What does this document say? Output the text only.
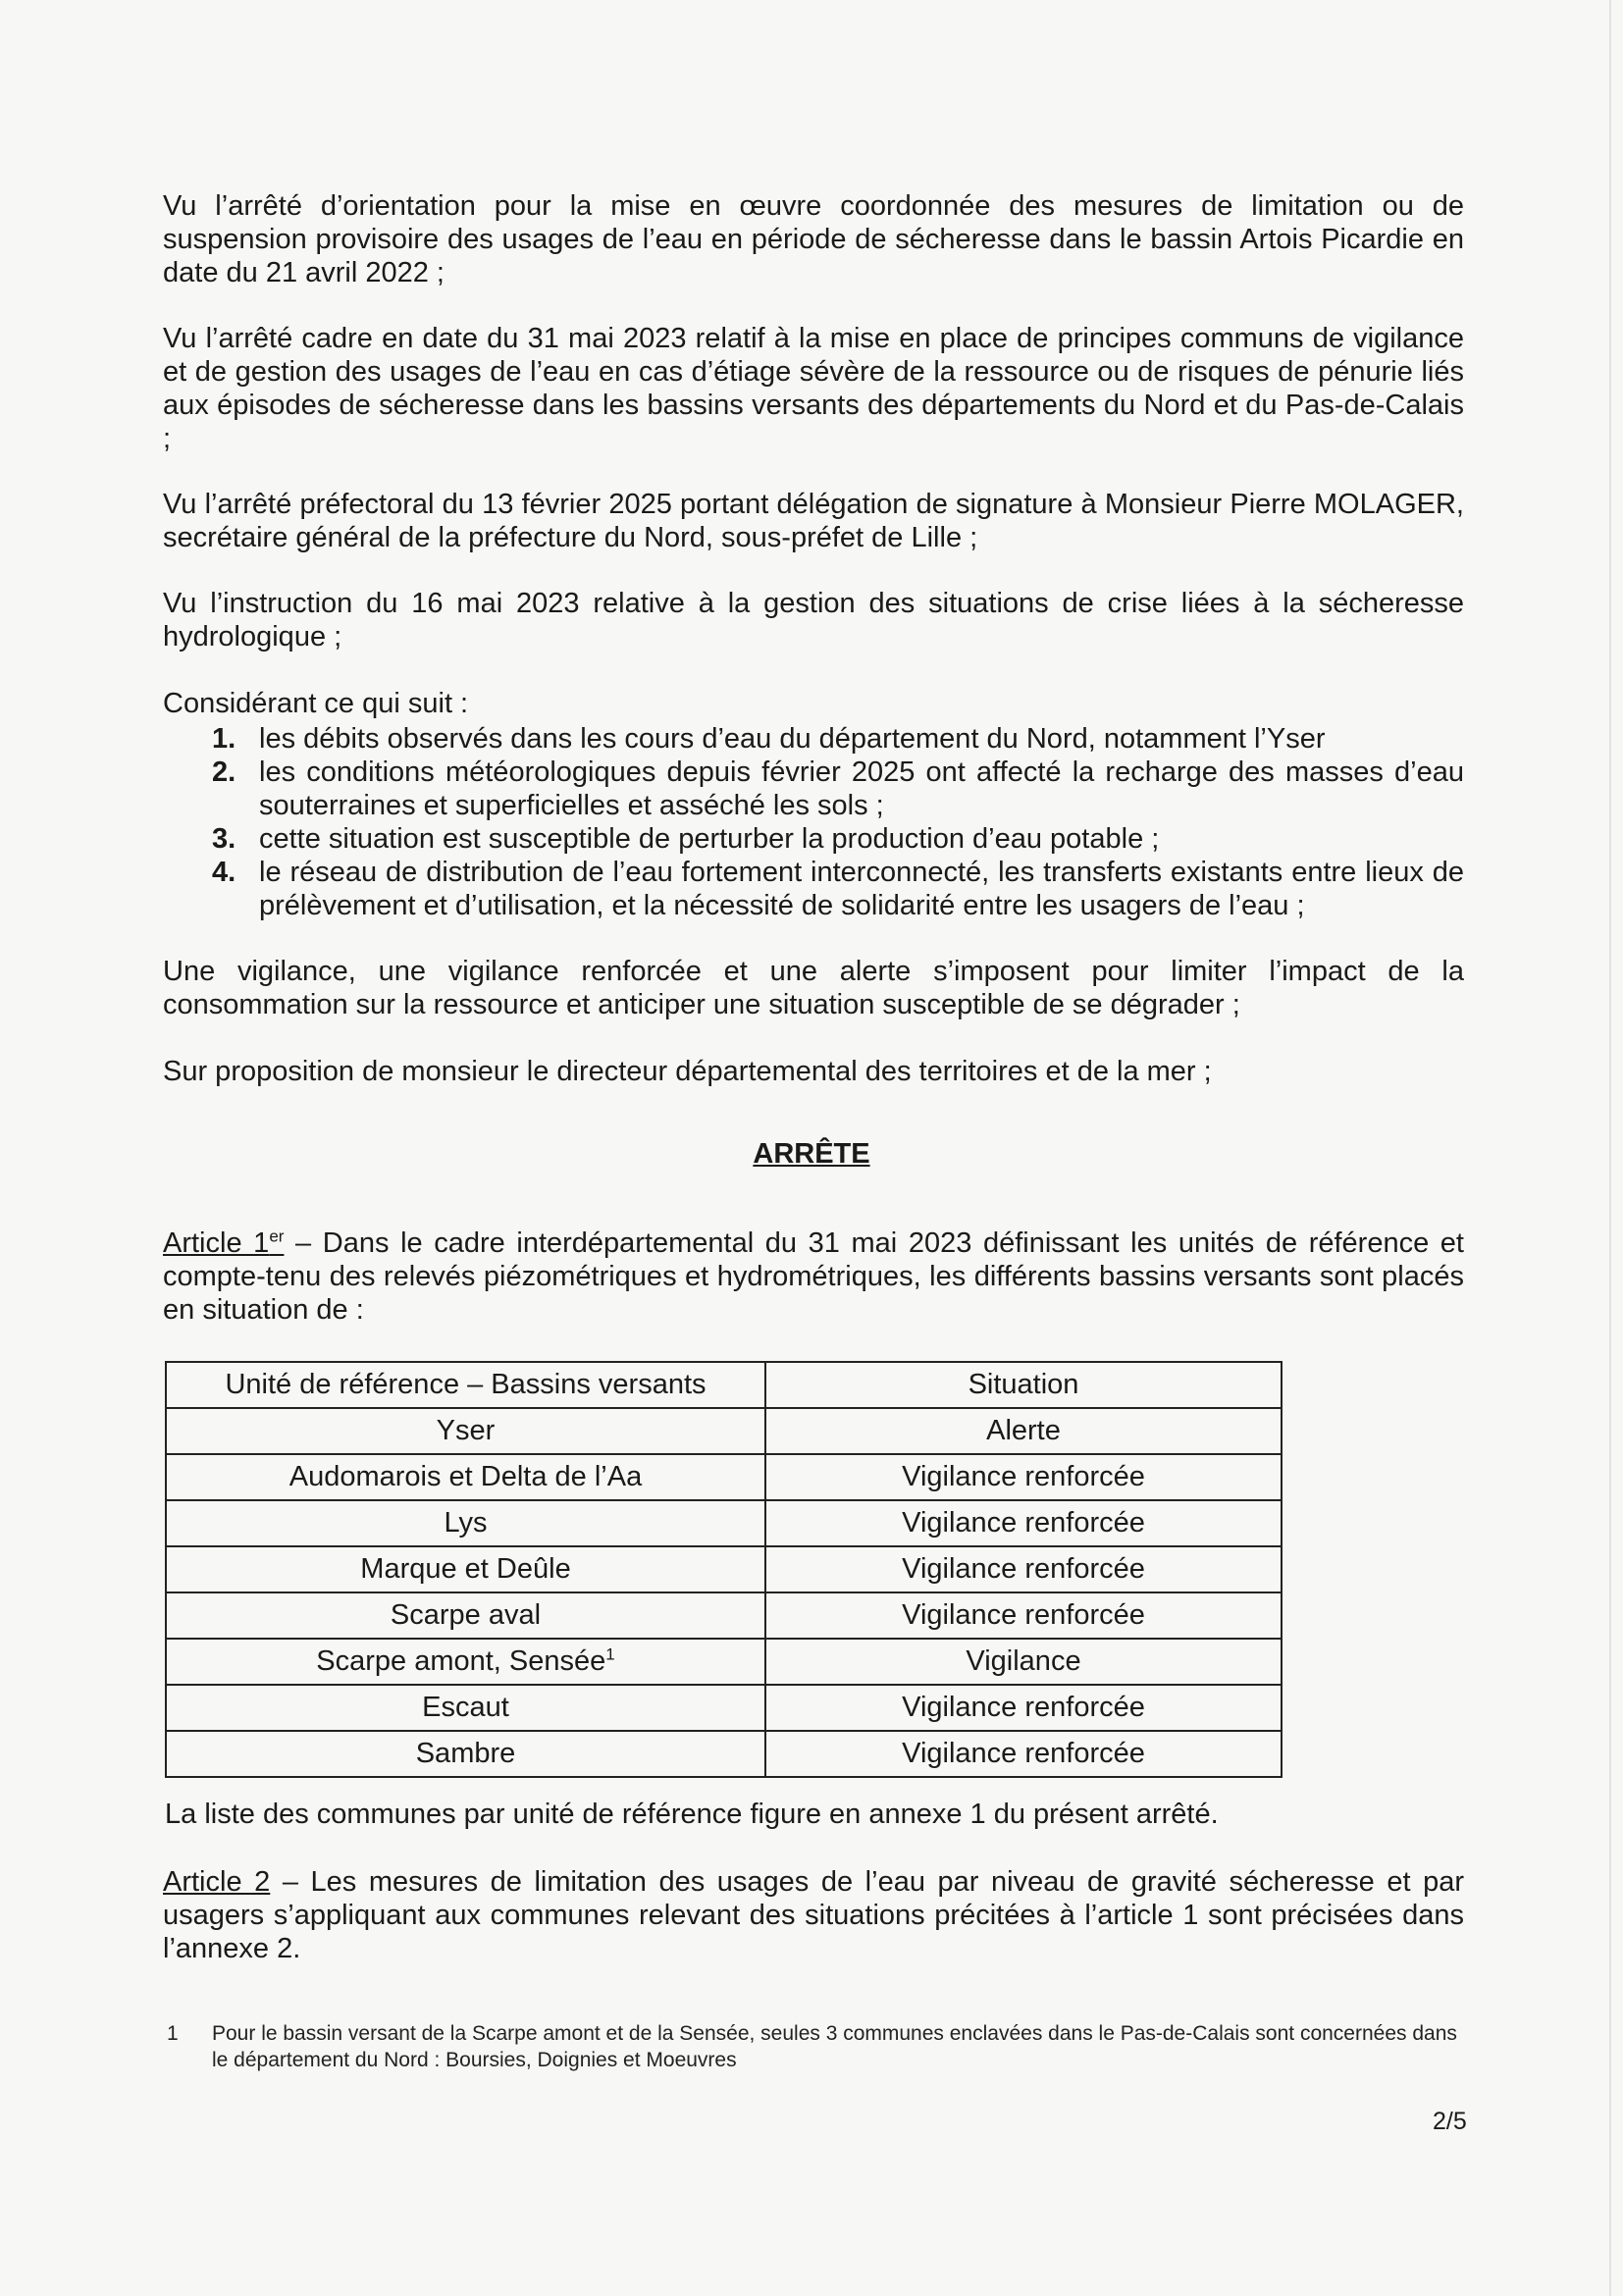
Vu l’arrêté d’orientation pour la mise en œuvre coordonnée des mesures de limitation ou de suspension provisoire des usages de l’eau en période de sécheresse dans le bassin Artois Picardie en date du 21 avril 2022 ;

Vu l’arrêté cadre en date du 31 mai 2023 relatif à la mise en place de principes communs de vigilance et de gestion des usages de l’eau en cas d’étiage sévère de la ressource ou de risques de pénurie liés aux épisodes de sécheresse dans les bassins versants des départements du Nord et du Pas-de-Calais ;

Vu l’arrêté préfectoral du 13 février 2025 portant délégation de signature à Monsieur Pierre MOLAGER, secrétaire général de la préfecture du Nord, sous-préfet de Lille ;

Vu l’instruction du 16 mai 2023 relative à la gestion des situations de crise liées à la sécheresse hydrologique ;

Considérant ce qui suit :

1. les débits observés dans les cours d’eau du département du Nord, notamment l’Yser
2. les conditions météorologiques depuis février 2025 ont affecté la recharge des masses d’eau souterraines et superficielles et asséché les sols ;
3. cette situation est susceptible de perturber la production d’eau potable ;
4. le réseau de distribution de l’eau fortement interconnecté, les transferts existants entre lieux de prélèvement et d’utilisation, et la nécessité de solidarité entre les usagers de l’eau ;

Une vigilance, une vigilance renforcée et une alerte s’imposent pour limiter l’impact de la consommation sur la ressource et anticiper une situation susceptible de se dégrader ;

Sur proposition de monsieur le directeur départemental des territoires et de la mer ;

ARRÊTE

Article 1er – Dans le cadre interdépartemental du 31 mai 2023 définissant les unités de référence et compte-tenu des relevés piézométriques et hydrométriques, les différents bassins versants sont placés en situation de :

Unité de référence – Bassins versants	Situation
Yser	Alerte
Audomarois et Delta de l’Aa	Vigilance renforcée
Lys	Vigilance renforcée
Marque et Deûle	Vigilance renforcée
Scarpe aval	Vigilance renforcée
Scarpe amont, Sensée$^1$	Vigilance
Escaut	Vigilance renforcée
Sambre	Vigilance renforcée
La liste des communes par unité de référence figure en annexe 1 du présent arrêté.

Article 2 – Les mesures de limitation des usages de l’eau par niveau de gravité sécheresse et par usagers s’appliquant aux communes relevant des situations précitées à l’article 1 sont précisées dans l’annexe 2.

1 Pour le bassin versant de la Scarpe amont et de la Sensée, seules 3 communes enclavées dans le Pas-de-Calais sont concernées dans le département du Nord : Boursies, Doignies et Moeuvres
2/5
